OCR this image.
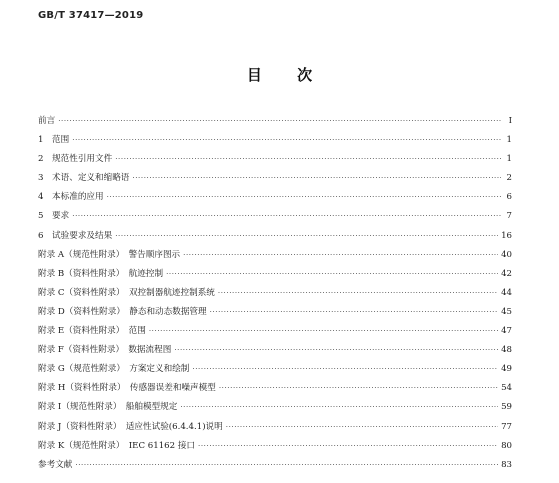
GB/T 37417—2019
目 次
前言 ·····	Ⅰ
1　范围 ·····	1
2　规范性引用文件 ·····	1
3　术语、定义和缩略语 ·····	2
4　本标准的应用 ·····	6
5　要求 ·····	7
6　试验要求及结果 ·····	16
附录 A（规范性附录）　警告顺序图示 ·····	40
附录 B（资料性附录）　航迹控制 ·····	42
附录 C（资料性附录）　双控制器航迹控制系统 ·····	44
附录 D（资料性附录）　静态和动态数据管理 ·····	45
附录 E（资料性附录）　范围 ·····	47
附录 F（资料性附录）　数据流程图 ·····	48
附录 G（规范性附录）　方案定义和绘制 ·····	49
附录 H（资料性附录）　传感器误差和噪声模型 ·····	54
附录 I（规范性附录）　船舶模型规定 ·····	59
附录 J（资料性附录）　适应性试验(6.4.4.1)说明 ·····	77
附录 K（规范性附录）　IEC 61162 接口 ·····	80
参考文献 ·····	83
